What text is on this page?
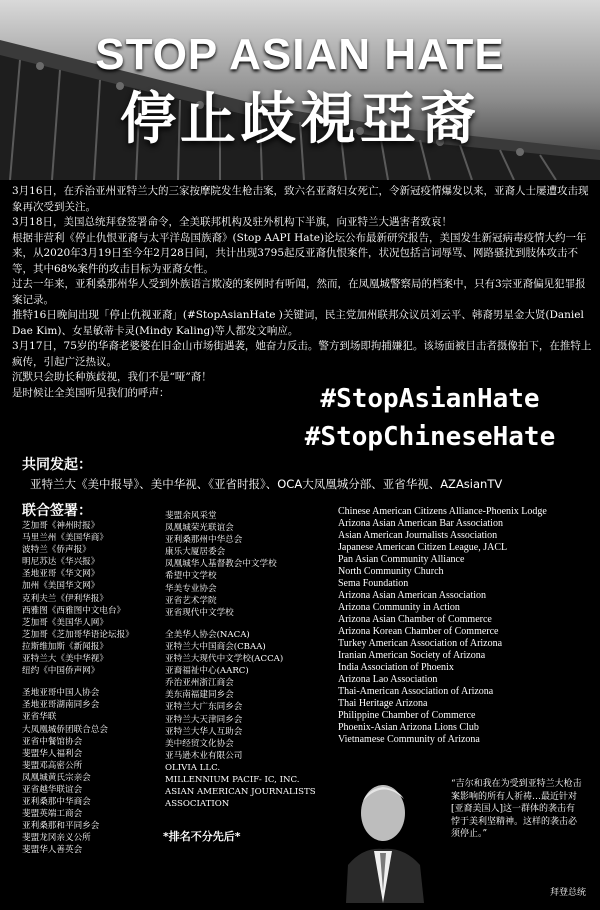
STOP ASIAN HATE
停止歧視亞裔

3月16日，在乔治亚州亚特兰大的三家按摩院发生枪击案，致六名亚裔妇女死亡，令新冠疫情爆发以来，亚裔人士屡遭攻击现象再次受到关注。

3月18日，美国总统拜登签署命令，全美联邦机构及驻外机构下半旗，向亚特兰大遇害者致哀！

根据非营利《停止仇恨亚裔与太平洋岛国族裔》(Stop AAPI Hate)论坛公布最新研究报告，美国发生新冠病毒疫情大约一年来，从2020年3月19日至今年2月28日间，共计出现3795起反亚裔仇恨案件，状况包括言词辱骂、网路骚扰到肢体攻击不等，其中68%案件的攻击目标为亚裔女性。

过去一年来，亚利桑那州华人受到外族语言欺凌的案例时有听闻，然而，在凤凰城警察局的档案中，只有3宗亚裔偏见犯罪报案记录。

推特16日晚间出现「停止仇视亚裔」(#StopAsianHate )关键词，民主党加州联邦众议员刘云平、韩裔男星金大贤(Daniel Dae Kim)、女星敏蒂卡灵(Mindy Kaling)等人都发文响应。

3月17日，75岁的华裔老婆婆在旧金山市场街遇袭，她奋力反击。警方到场即拘捕嫌犯。该场面被目击者摄像拍下，在推特上疯传，引起广泛热议。

沉默只会助长种族歧视，我们不是“哑”裔！

是时候让全美国听见我们的呼声：	#StopAsianHate
#StopChineseHate
共同发起：
亚特兰大《美中报导》、美中华视、《亚省时报》、OCA大凤凰城分部、亚省华视、AZAsianTV
联合签署：
芝加哥《神州时报》
马里兰州《美国华商》
波特兰《侨声报》
明尼苏达《华兴报》
圣地亚哥《华文网》
加州《美国华文网》
克利夫兰《伊利华报》
西雅图《西雅图中文电台》
芝加哥《美国华人网》
芝加哥《芝加哥华语论坛报》
拉斯维加斯《新闻报》
亚特兰大《美中华视》
纽约《中国侨声网》
圣地亚哥中国人协会
圣地亚哥湖南同乡会
亚省华联
大凤凰城侨团联合总会
亚省中餐馆协会
斐盟华人福利会
斐盟邓高密公所
凤凰城黄氏宗亲会
亚省越华联谊会
亚利桑那中华商会
斐盟英端工商会
亚利桑那和平同乡会
斐盟龙冈亲义公所
斐盟华人善英会
斐盟余风采堂
凤凰城荣光联谊会
亚利桑那州中华总会
康乐大厦居委会
凤凰城华人基督教会中文学校
希望中文学校
华美专业协会
亚省艺术学院
亚省现代中文学校
全美华人协会(NACA)
亚特兰大中国商会(CBAA)
亚特兰大现代中文学校(ACCA)
亚裔福祉中心(AARC)
乔治亚州浙江商会
美东南福建同乡会
亚特兰大广东同乡会
亚特兰大天津同乡会
亚特兰大华人互助会
美中经贸文化协会
亚马逊木业有限公司
OLIVIA LLC.
MILLENNIUM PACIF- IC, INC.
ASIAN AMERICAN JOURNALISTS
ASSOCIATION
Chinese American Citizens Alliance-Phoenix Lodge
Arizona Asian American Bar Association
Asian American Journalists Association
Japanese American Citizen League, JACL
Pan Asian Community Alliance
North Community Church
Sema Foundation
Arizona Asian American Association
Arizona Community in Action
Arizona Asian Chamber of Commerce
Arizona Korean Chamber of Commerce
Turkey American Association of Arizona
Iranian American Society of Arizona
India Association of Phoenix
Arizona Lao Association
Thai-American Association of Arizona
Thai Heritage Arizona
Philippine Chamber of Commerce
Phoenix-Asian Arizona Lions Club
Vietnamese Community of Arizona
*排名不分先后*
“吉尔和我在为受到亚特兰大枪击案影响的所有人祈祷…最近针对[亚裔美国人]这一群体的袭击有悖于美利坚精神。这样的袭击必须停止。”
拜登总统
